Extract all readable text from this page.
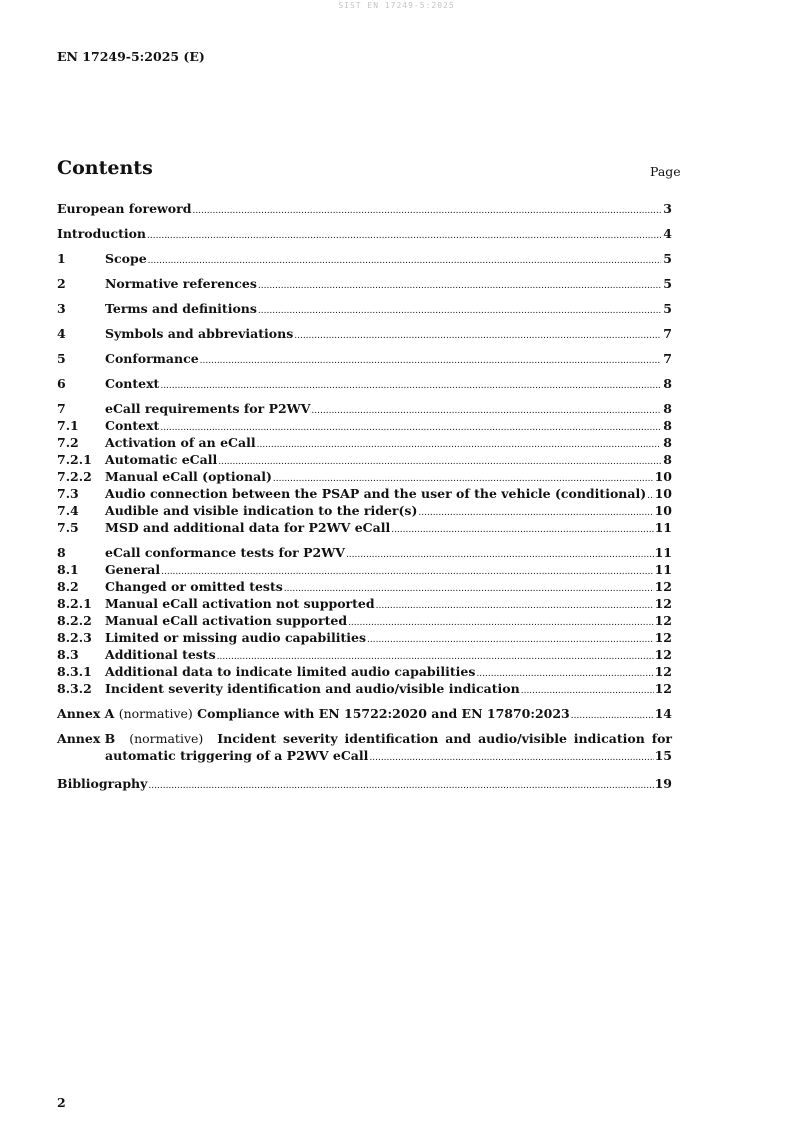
SIST EN 17249-5:2025
EN 17249-5:2025 (E)
Contents	Page
European foreword .....	3
Introduction .....	4
1	Scope .....	5
2	Normative references .....	5
3	Terms and definitions .....	5
4	Symbols and abbreviations .....	7
5	Conformance .....	7
6	Context .....	8
7	eCall requirements for P2WV .....	8
7.1	Context .....	8
7.2	Activation of an eCall .....	8
7.2.1	Automatic eCall .....	8
7.2.2	Manual eCall (optional) .....	10
7.3	Audio connection between the PSAP and the user of the vehicle (conditional) ..... 10
7.4	Audible and visible indication to the rider(s) .....	10
7.5	MSD and additional data for P2WV eCall .....	11
8	eCall conformance tests for P2WV .....	11
8.1	General .....	11
8.2	Changed or omitted tests .....	12
8.2.1	Manual eCall activation not supported .....	12
8.2.2	Manual eCall activation supported .....	12
8.2.3	Limited or missing audio capabilities .....	12
8.3	Additional tests .....	12
8.3.1	Additional data to indicate limited audio capabilities .....	12
8.3.2	Incident severity identification and audio/visible indication .....	12
Annex A (normative) Compliance with EN 15722:2020 and EN 17870:2023 .....	14
Annex B (normative) Incident severity identification and audio/visible indication for
automatic triggering of a P2WV eCall .....	15
Bibliography .....	19
2
